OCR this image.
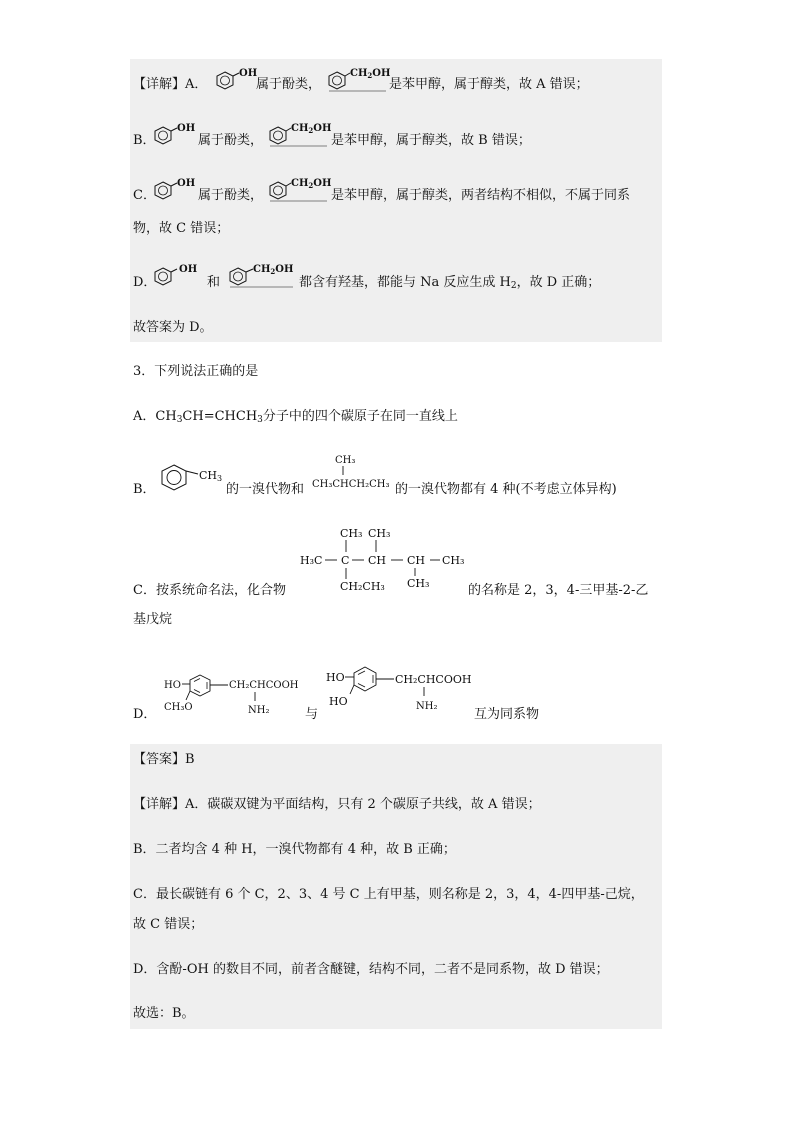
【详解】A．
OH
属于酚类，
$CH_2OH$
是苯甲醇，属于醇类，故 A 错误；
B．
OH
属于酚类，
$CH_2OH$
是苯甲醇，属于醇类，故 B 错误；
C．
OH
属于酚类，
$CH_2OH$
是苯甲醇，属于醇类，两者结构不相似，不属于同系
物，故 C 错误；
D．
OH
和
$CH_2OH$
都含有羟基，都能与 Na 反应生成 $H_2$，故 D 正确；
故答案为 D。
3．下列说法正确的是
A．$CH_3CH=CHCH_3$分子中的四个碳原子在同一直线上
B．
CH3
的一溴代物和
CH₃
CH₃CHCH₂CH₃ 的一溴代物都有 4 种(不考虑立体异构)
CH₃ CH₃
H₃C C CH CH CH₃
CH₂CH₃ CH₃
C．按系统命名法，化合物	的名称是 2，3，4-三甲基-2-乙
基戊烷
D．
HO	CH₂CHCOOH
CH₃O	NH₂	与
HO	CH₂CHCOOH
HO	NH₂
互为同系物
【答案】B
【详解】A．碳碳双键为平面结构，只有 2 个碳原子共线，故 A 错误；
B．二者均含 4 种 H，一溴代物都有 4 种，故 B 正确；
C．最长碳链有 6 个 C，2、3、4 号 C 上有甲基，则名称是 2，3，4，4-四甲基-己烷，
故 C 错误；
D．含酚-OH 的数目不同，前者含醚键，结构不同，二者不是同系物，故 D 错误；
故选：B。
